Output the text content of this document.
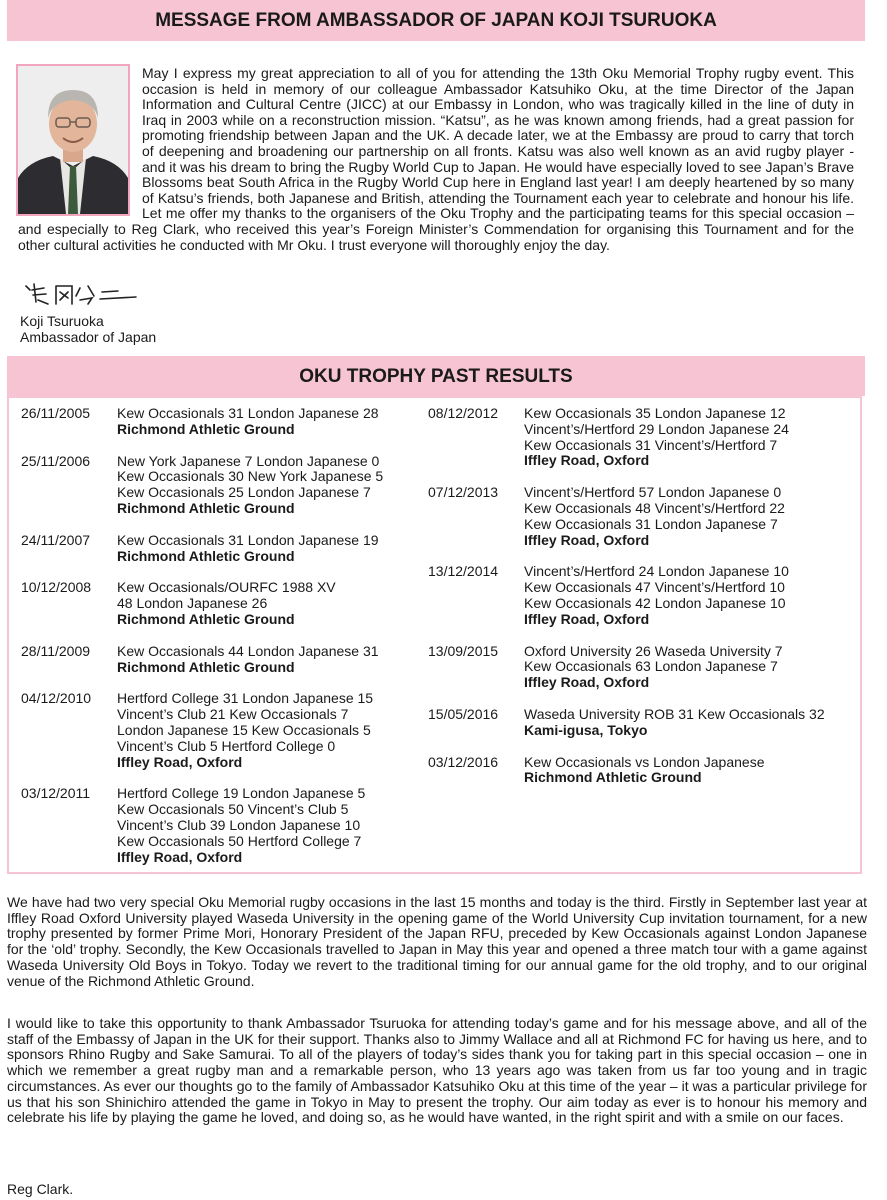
MESSAGE FROM AMBASSADOR OF JAPAN KOJI TSURUOKA

May I express my great appreciation to all of you for attending the 13th Oku Memorial Trophy rugby event. This occasion is held in memory of our colleague Ambassador Katsuhiko Oku, at the time Director of the Japan Information and Cultural Centre (JICC) at our Embassy in London, who was tragically killed in the line of duty in Iraq in 2003 while on a reconstruction mission. “Katsu”, as he was known among friends, had a great passion for promoting friendship between Japan and the UK. A decade later, we at the Embassy are proud to carry that torch of deepening and broadening our partnership on all fronts. Katsu was also well known as an avid rugby player - and it was his dream to bring the Rugby World Cup to Japan. He would have especially loved to see Japan’s Brave Blossoms beat South Africa in the Rugby World Cup here in England last year! I am deeply heartened by so many of Katsu’s friends, both Japanese and British, attending the Tournament each year to celebrate and honour his life. Let me offer my thanks to the organisers of the Oku Trophy and the participating teams for this special occasion – and especially to Reg Clark, who received this year’s Foreign Minister’s Commendation for organising this Tournament and for the other cultural activities he conducted with Mr Oku. I trust everyone will thoroughly enjoy the day.

Koji Tsuruoka
Ambassador of Japan
OKU TROPHY PAST RESULTS
26/11/2005	Kew Occasionals 31 London Japanese 28
Richmond Athletic Ground
25/11/2006	New York Japanese 7 London Japanese 0
Kew Occasionals 30 New York Japanese 5
Kew Occasionals 25 London Japanese 7
Richmond Athletic Ground
24/11/2007	Kew Occasionals 31 London Japanese 19
Richmond Athletic Ground
10/12/2008	Kew Occasionals/OURFC 1988 XV
48 London Japanese 26
Richmond Athletic Ground
28/11/2009	Kew Occasionals 44 London Japanese 31
Richmond Athletic Ground
04/12/2010	Hertford College 31 London Japanese 15
Vincent’s Club 21 Kew Occasionals 7
London Japanese 15 Kew Occasionals 5
Vincent’s Club 5 Hertford College 0
Iffley Road, Oxford
03/12/2011	Hertford College 19 London Japanese 5
Kew Occasionals 50 Vincent’s Club 5
Vincent’s Club 39 London Japanese 10
Kew Occasionals 50 Hertford College 7
Iffley Road, Oxford
08/12/2012	Kew Occasionals 35 London Japanese 12
Vincent’s/Hertford 29 London Japanese 24
Kew Occasionals 31 Vincent’s/Hertford 7
Iffley Road, Oxford
07/12/2013	Vincent’s/Hertford 57 London Japanese 0
Kew Occasionals 48 Vincent’s/Hertford 22
Kew Occasionals 31 London Japanese 7
Iffley Road, Oxford
13/12/2014	Vincent’s/Hertford 24 London Japanese 10
Kew Occasionals 47 Vincent’s/Hertford 10
Kew Occasionals 42 London Japanese 10
Iffley Road, Oxford
13/09/2015	Oxford University 26 Waseda University 7
Kew Occasionals 63 London Japanese 7
Iffley Road, Oxford
15/05/2016	Waseda University ROB 31 Kew Occasionals 32
Kami-igusa, Tokyo
03/12/2016	Kew Occasionals vs London Japanese
Richmond Athletic Ground

We have had two very special Oku Memorial rugby occasions in the last 15 months and today is the third. Firstly in September last year at Iffley Road Oxford University played Waseda University in the opening game of the World University Cup invitation tournament, for a new trophy presented by former Prime Mori, Honorary President of the Japan RFU, preceded by Kew Occasionals against London Japanese for the ‘old’ trophy. Secondly, the Kew Occasionals travelled to Japan in May this year and opened a three match tour with a game against Waseda University Old Boys in Tokyo. Today we revert to the traditional timing for our annual game for the old trophy, and to our original venue of the Richmond Athletic Ground.

I would like to take this opportunity to thank Ambassador Tsuruoka for attending today’s game and for his message above, and all of the staff of the Embassy of Japan in the UK for their support. Thanks also to Jimmy Wallace and all at Richmond FC for having us here, and to sponsors Rhino Rugby and Sake Samurai. To all of the players of today’s sides thank you for taking part in this special occasion – one in which we remember a great rugby man and a remarkable person, who 13 years ago was taken from us far too young and in tragic circumstances. As ever our thoughts go to the family of Ambassador Katsuhiko Oku at this time of the year – it was a particular privilege for us that his son Shinichiro attended the game in Tokyo in May to present the trophy. Our aim today as ever is to honour his memory and celebrate his life by playing the game he loved, and doing so, as he would have wanted, in the right spirit and with a smile on our faces.

Reg Clark.
